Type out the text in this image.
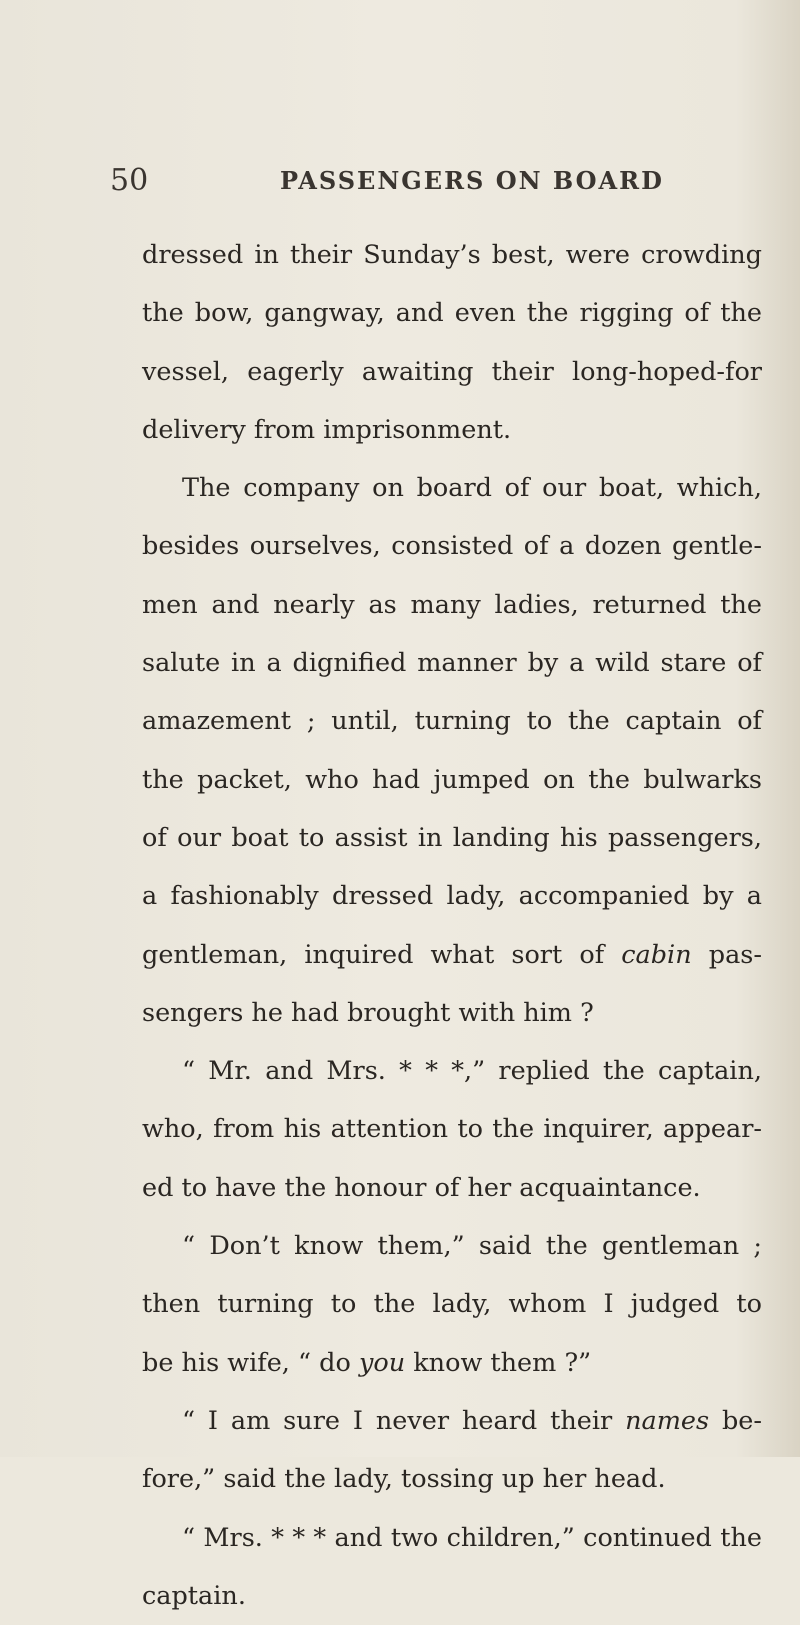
50	PASSENGERS ON BOARD
dressed in their Sunday’s best, were crowding
the bow, gangway, and even the rigging of the
vessel, eagerly awaiting their long-hoped-for
delivery from imprisonment.
The company on board of our boat, which,
besides ourselves, consisted of a dozen gentle-
men and nearly as many ladies, returned the
salute in a dignified manner by a wild stare of
amazement ; until, turning to the captain of
the packet, who had jumped on the bulwarks
of our boat to assist in landing his passengers,
a fashionably dressed lady, accompanied by a
gentleman, inquired what sort of cabin pas-
sengers he had brought with him ?
“ Mr. and Mrs. * * *,” replied the captain,
who, from his attention to the inquirer, appear-
ed to have the honour of her acquaintance.
“ Don’t know them,” said the gentleman ;
then turning to the lady, whom I judged to
be his wife, “ do you know them ?”
“ I am sure I never heard their names be-
fore,” said the lady, tossing up her head.
“ Mrs. * * * and two children,” continued the
captain.
